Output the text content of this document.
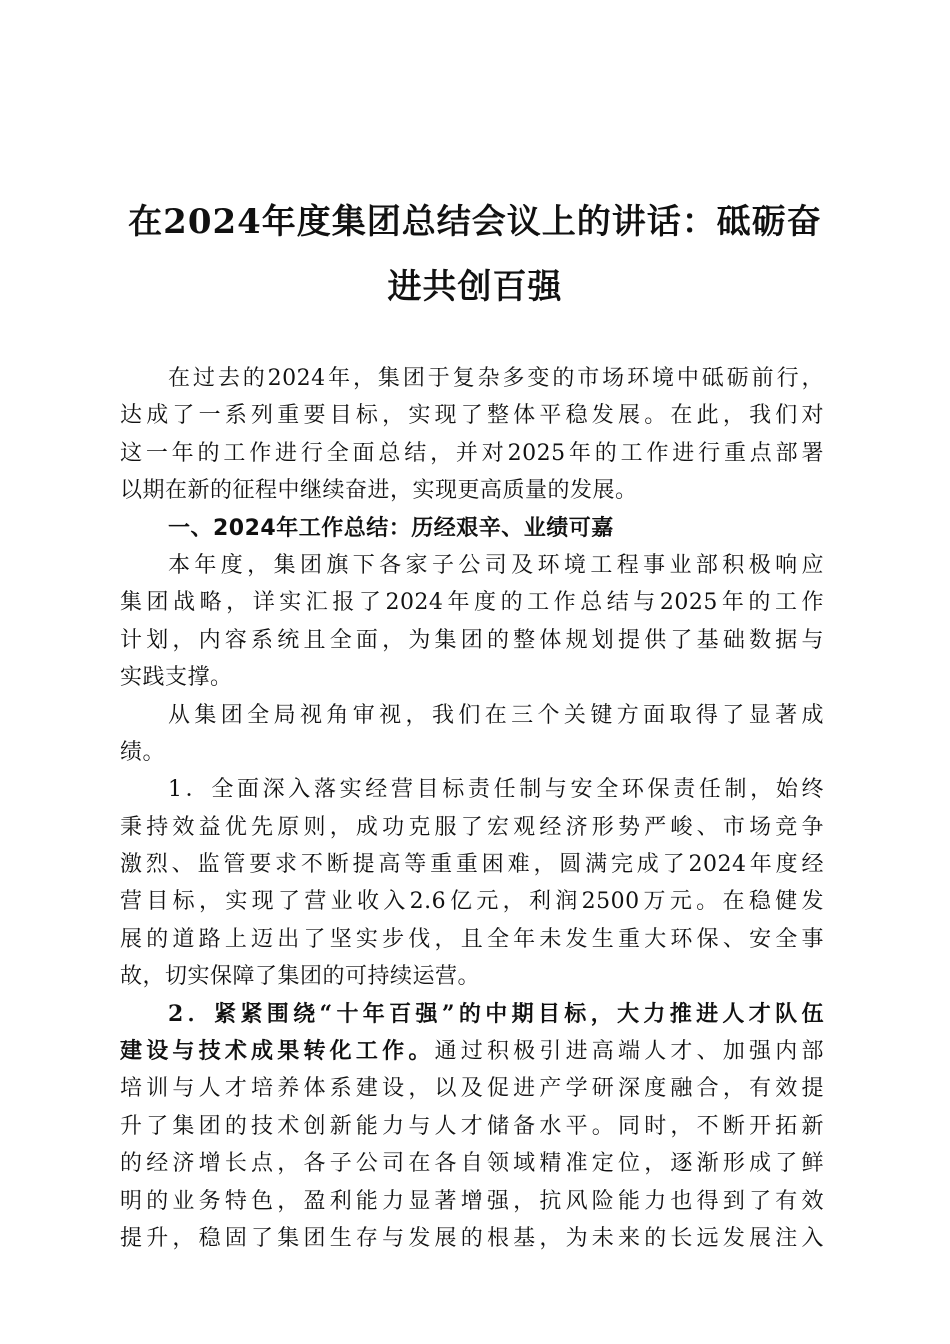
在2024年度集团总结会议上的讲话：砥砺奋
进共创百强
在过去的2024年，集团于复杂多变的市场环境中砥砺前行，
达成了一系列重要目标，实现了整体平稳发展。在此，我们对
这一年的工作进行全面总结，并对2025年的工作进行重点部署
以期在新的征程中继续奋进，实现更高质量的发展。
一、2024年工作总结：历经艰辛、业绩可嘉
本年度，集团旗下各家子公司及环境工程事业部积极响应
集团战略，详实汇报了2024年度的工作总结与2025年的工作
计划，内容系统且全面，为集团的整体规划提供了基础数据与
实践支撑。
从集团全局视角审视，我们在三个关键方面取得了显著成
绩。
1．全面深入落实经营目标责任制与安全环保责任制，始终
秉持效益优先原则，成功克服了宏观经济形势严峻、市场竞争
激烈、监管要求不断提高等重重困难，圆满完成了2024年度经
营目标，实现了营业收入2.6亿元，利润2500万元。在稳健发
展的道路上迈出了坚实步伐，且全年未发生重大环保、安全事
故，切实保障了集团的可持续运营。
2．紧紧围绕“十年百强”的中期目标，大力推进人才队伍
建设与技术成果转化工作。通过积极引进高端人才、加强内部
培训与人才培养体系建设，以及促进产学研深度融合，有效提
升了集团的技术创新能力与人才储备水平。同时，不断开拓新
的经济增长点，各子公司在各自领域精准定位，逐渐形成了鲜
明的业务特色，盈利能力显著增强，抗风险能力也得到了有效
提升，稳固了集团生存与发展的根基，为未来的长远发展注入
